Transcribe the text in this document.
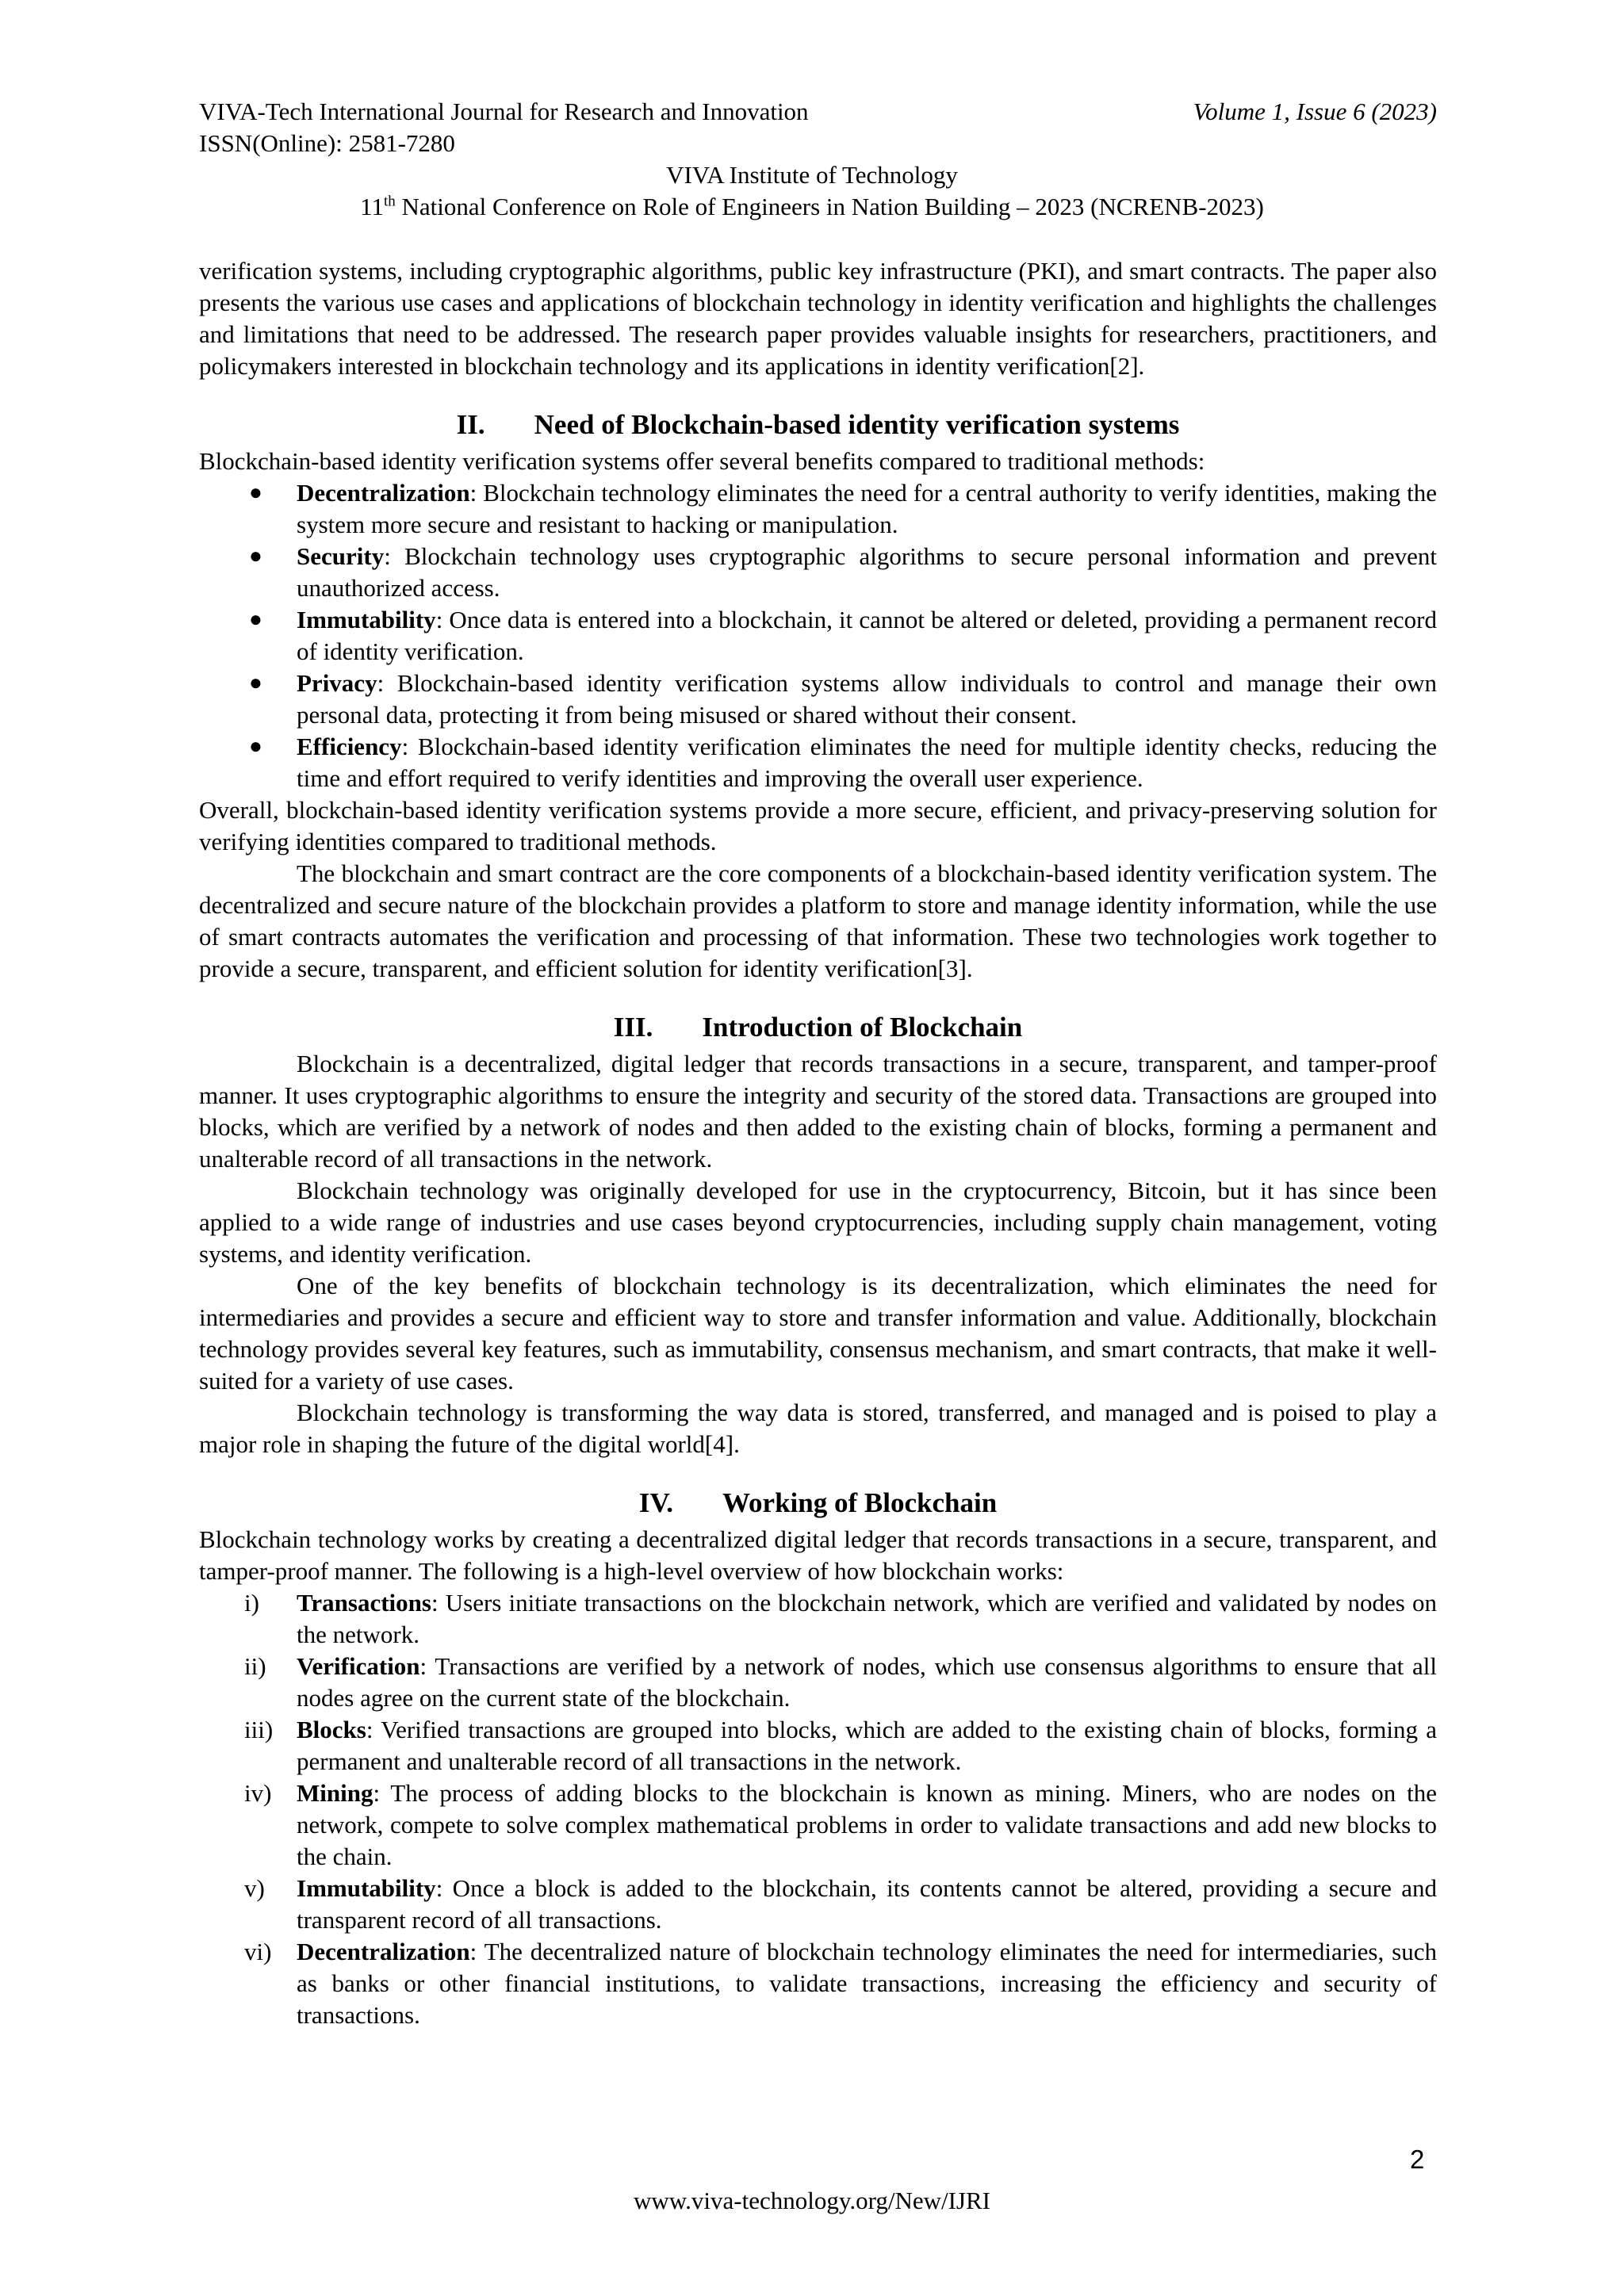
VIVA-Tech International Journal for Research and Innovation	Volume 1, Issue 6 (2023)
ISSN(Online): 2581-7280
VIVA Institute of Technology
11th National Conference on Role of Engineers in Nation Building – 2023 (NCRENB-2023)

verification systems, including cryptographic algorithms, public key infrastructure (PKI), and smart contracts. The paper also presents the various use cases and applications of blockchain technology in identity verification and highlights the challenges and limitations that need to be addressed. The research paper provides valuable insights for researchers, practitioners, and policymakers interested in blockchain technology and its applications in identity verification[2].

II. Need of Blockchain-based identity verification systems

Blockchain-based identity verification systems offer several benefits compared to traditional methods:

● Decentralization: Blockchain technology eliminates the need for a central authority to verify identities, making the system more secure and resistant to hacking or manipulation.
● Security: Blockchain technology uses cryptographic algorithms to secure personal information and prevent unauthorized access.
● Immutability: Once data is entered into a blockchain, it cannot be altered or deleted, providing a permanent record of identity verification.
● Privacy: Blockchain-based identity verification systems allow individuals to control and manage their own personal data, protecting it from being misused or shared without their consent.
● Efficiency: Blockchain-based identity verification eliminates the need for multiple identity checks, reducing the time and effort required to verify identities and improving the overall user experience.

Overall, blockchain-based identity verification systems provide a more secure, efficient, and privacy-preserving solution for verifying identities compared to traditional methods.

The blockchain and smart contract are the core components of a blockchain-based identity verification system. The decentralized and secure nature of the blockchain provides a platform to store and manage identity information, while the use of smart contracts automates the verification and processing of that information. These two technologies work together to provide a secure, transparent, and efficient solution for identity verification[3].

III. Introduction of Blockchain

Blockchain is a decentralized, digital ledger that records transactions in a secure, transparent, and tamper-proof manner. It uses cryptographic algorithms to ensure the integrity and security of the stored data. Transactions are grouped into blocks, which are verified by a network of nodes and then added to the existing chain of blocks, forming a permanent and unalterable record of all transactions in the network.

Blockchain technology was originally developed for use in the cryptocurrency, Bitcoin, but it has since been applied to a wide range of industries and use cases beyond cryptocurrencies, including supply chain management, voting systems, and identity verification.

One of the key benefits of blockchain technology is its decentralization, which eliminates the need for intermediaries and provides a secure and efficient way to store and transfer information and value. Additionally, blockchain technology provides several key features, such as immutability, consensus mechanism, and smart contracts, that make it well-suited for a variety of use cases.

Blockchain technology is transforming the way data is stored, transferred, and managed and is poised to play a major role in shaping the future of the digital world[4].

IV. Working of Blockchain

Blockchain technology works by creating a decentralized digital ledger that records transactions in a secure, transparent, and tamper-proof manner. The following is a high-level overview of how blockchain works:

i) Transactions: Users initiate transactions on the blockchain network, which are verified and validated by nodes on the network.
ii) Verification: Transactions are verified by a network of nodes, which use consensus algorithms to ensure that all nodes agree on the current state of the blockchain.
iii) Blocks: Verified transactions are grouped into blocks, which are added to the existing chain of blocks, forming a permanent and unalterable record of all transactions in the network.
iv) Mining: The process of adding blocks to the blockchain is known as mining. Miners, who are nodes on the network, compete to solve complex mathematical problems in order to validate transactions and add new blocks to the chain.
v) Immutability: Once a block is added to the blockchain, its contents cannot be altered, providing a secure and transparent record of all transactions.
vi) Decentralization: The decentralized nature of blockchain technology eliminates the need for intermediaries, such as banks or other financial institutions, to validate transactions, increasing the efficiency and security of transactions.
2
www.viva-technology.org/New/IJRI
